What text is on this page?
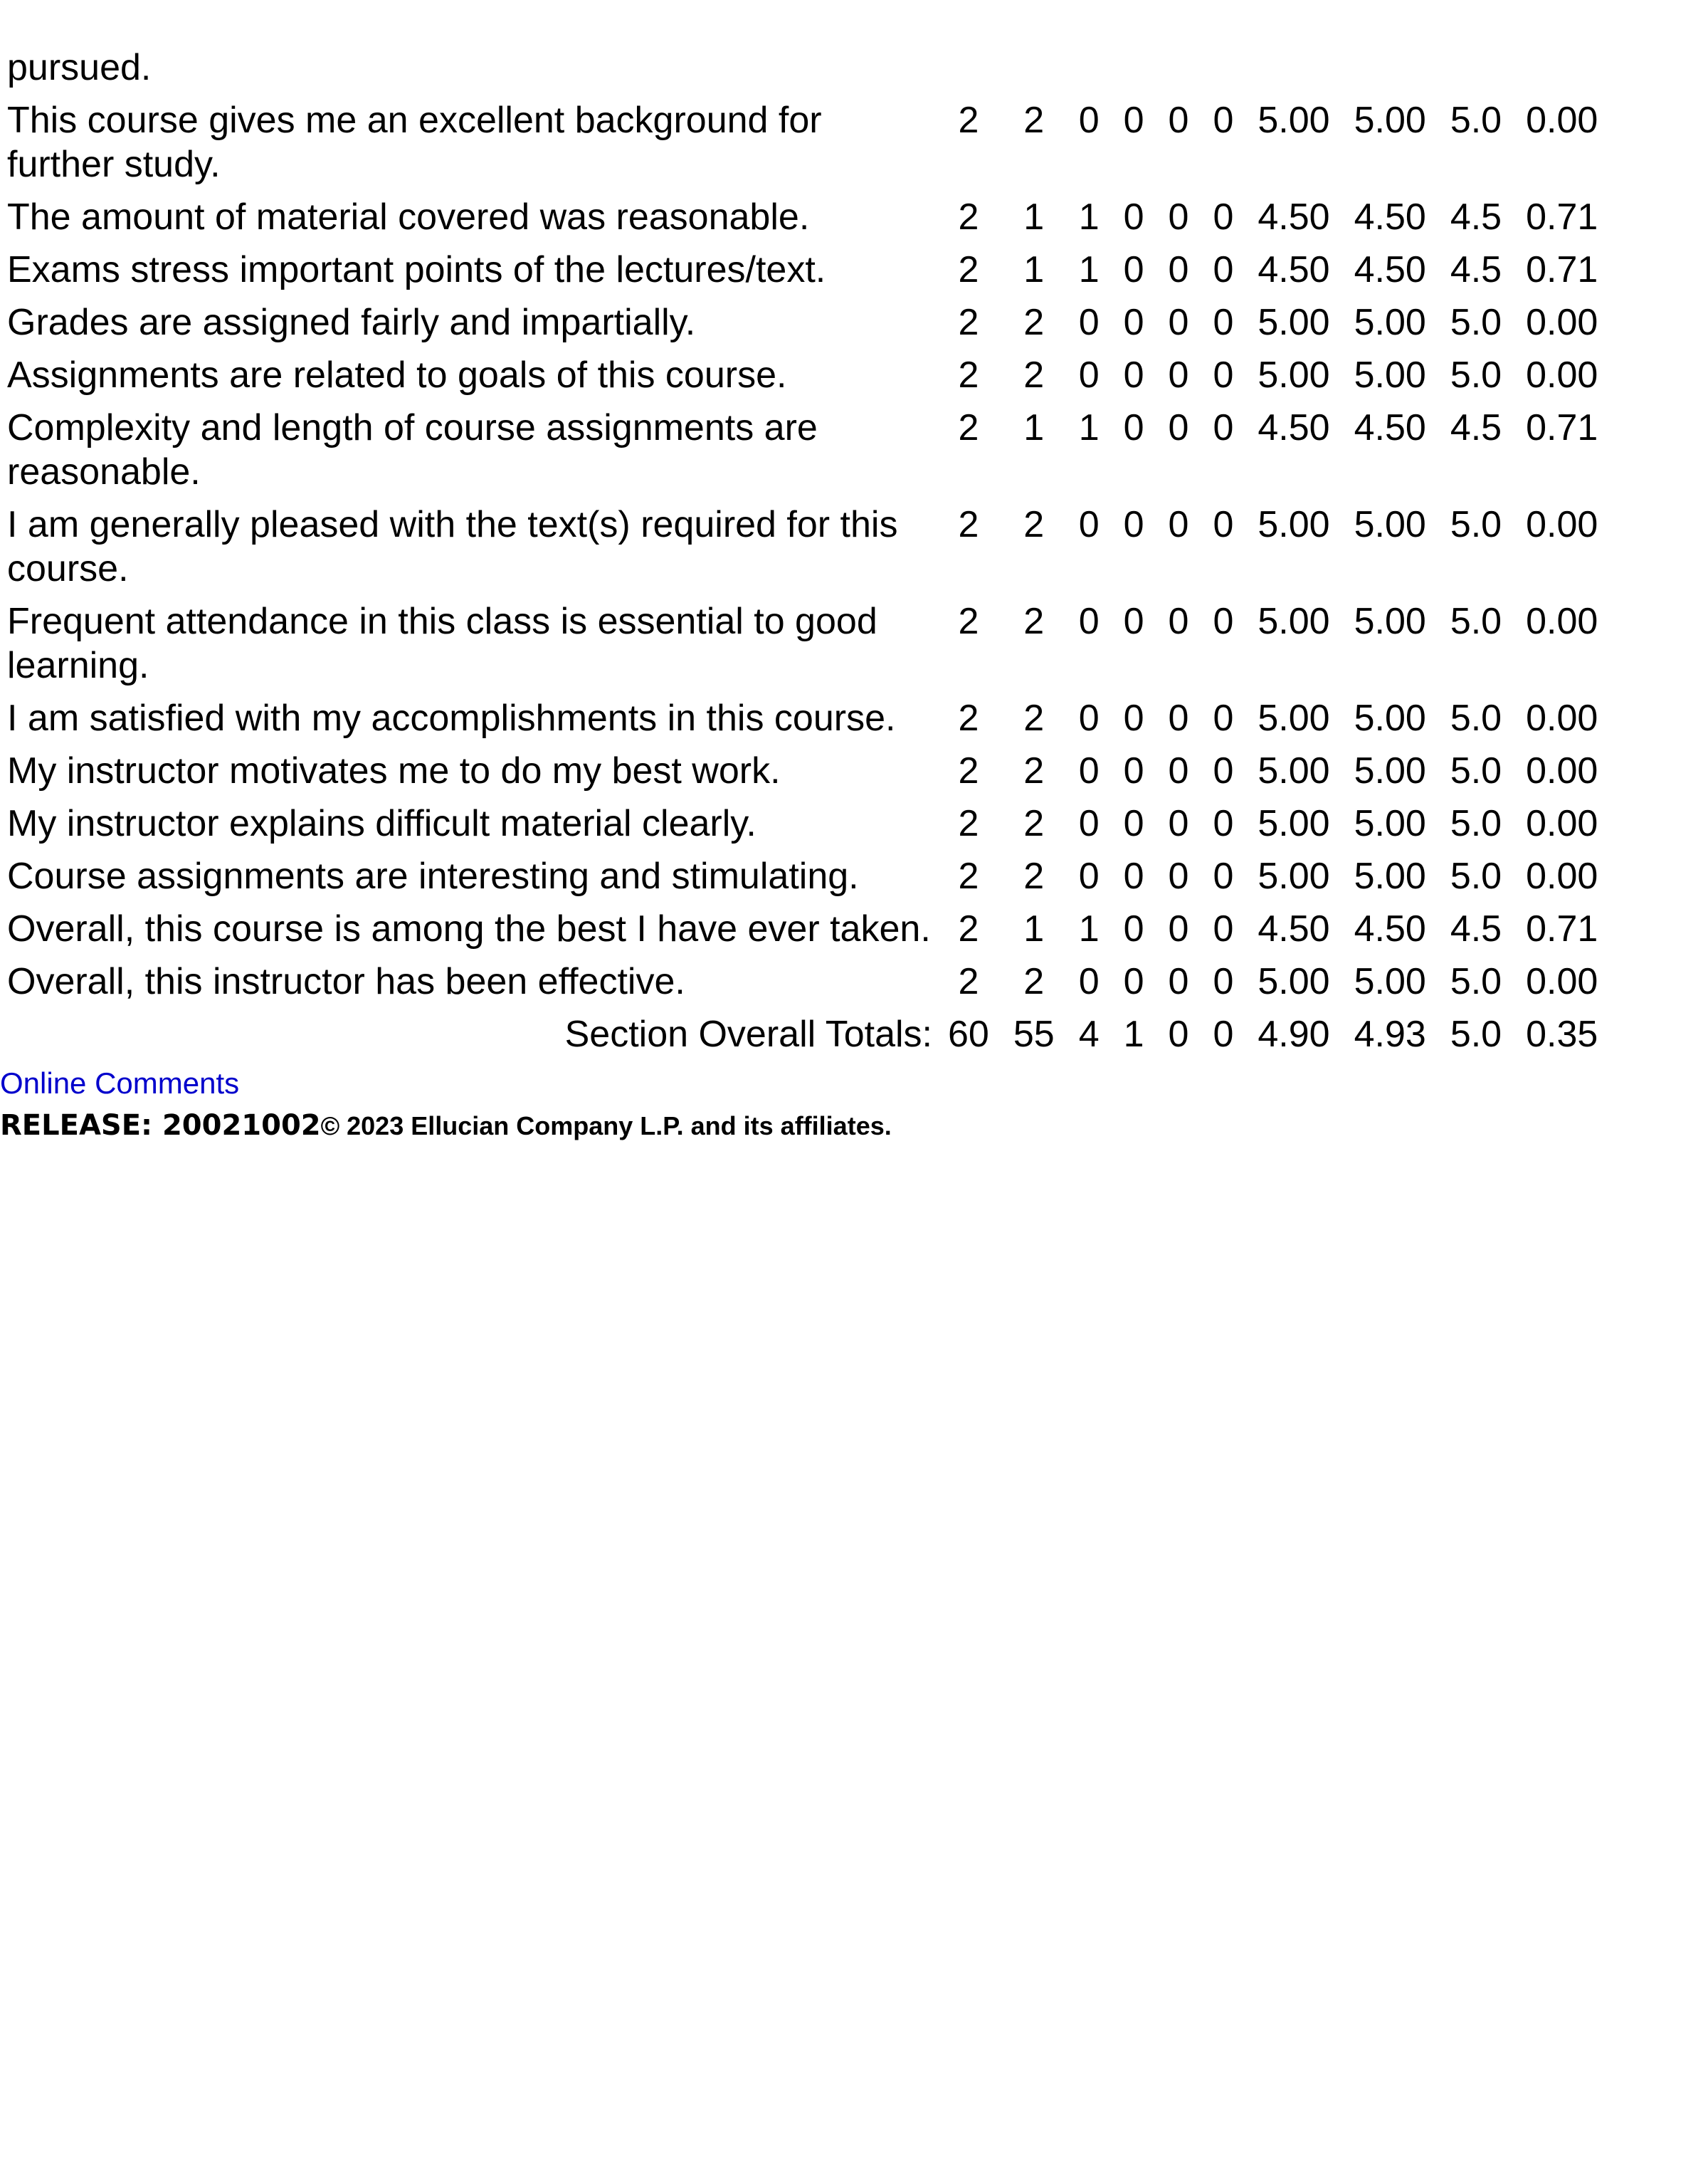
pursued.										
This course gives me an excellent background for further study.	2	2	0	0	0	0	5.00	5.00	5.0	0.00
The amount of material covered was reasonable.	2	1	1	0	0	0	4.50	4.50	4.5	0.71
Exams stress important points of the lectures/text.	2	1	1	0	0	0	4.50	4.50	4.5	0.71
Grades are assigned fairly and impartially.	2	2	0	0	0	0	5.00	5.00	5.0	0.00
Assignments are related to goals of this course.	2	2	0	0	0	0	5.00	5.00	5.0	0.00
Complexity and length of course assignments are reasonable.	2	1	1	0	0	0	4.50	4.50	4.5	0.71
I am generally pleased with the text(s) required for this course.	2	2	0	0	0	0	5.00	5.00	5.0	0.00
Frequent attendance in this class is essential to good learning.	2	2	0	0	0	0	5.00	5.00	5.0	0.00
I am satisfied with my accomplishments in this course.	2	2	0	0	0	0	5.00	5.00	5.0	0.00
My instructor motivates me to do my best work.	2	2	0	0	0	0	5.00	5.00	5.0	0.00
My instructor explains difficult material clearly.	2	2	0	0	0	0	5.00	5.00	5.0	0.00
Course assignments are interesting and stimulating.	2	2	0	0	0	0	5.00	5.00	5.0	0.00
Overall, this course is among the best I have ever taken.	2	1	1	0	0	0	4.50	4.50	4.5	0.71
Overall, this instructor has been effective.	2	2	0	0	0	0	5.00	5.00	5.0	0.00
Section Overall Totals:	60	55	4	1	0	0	4.90	4.93	5.0	0.35
Online Comments
RELEASE: 20021002© 2023 Ellucian Company L.P. and its affiliates.
